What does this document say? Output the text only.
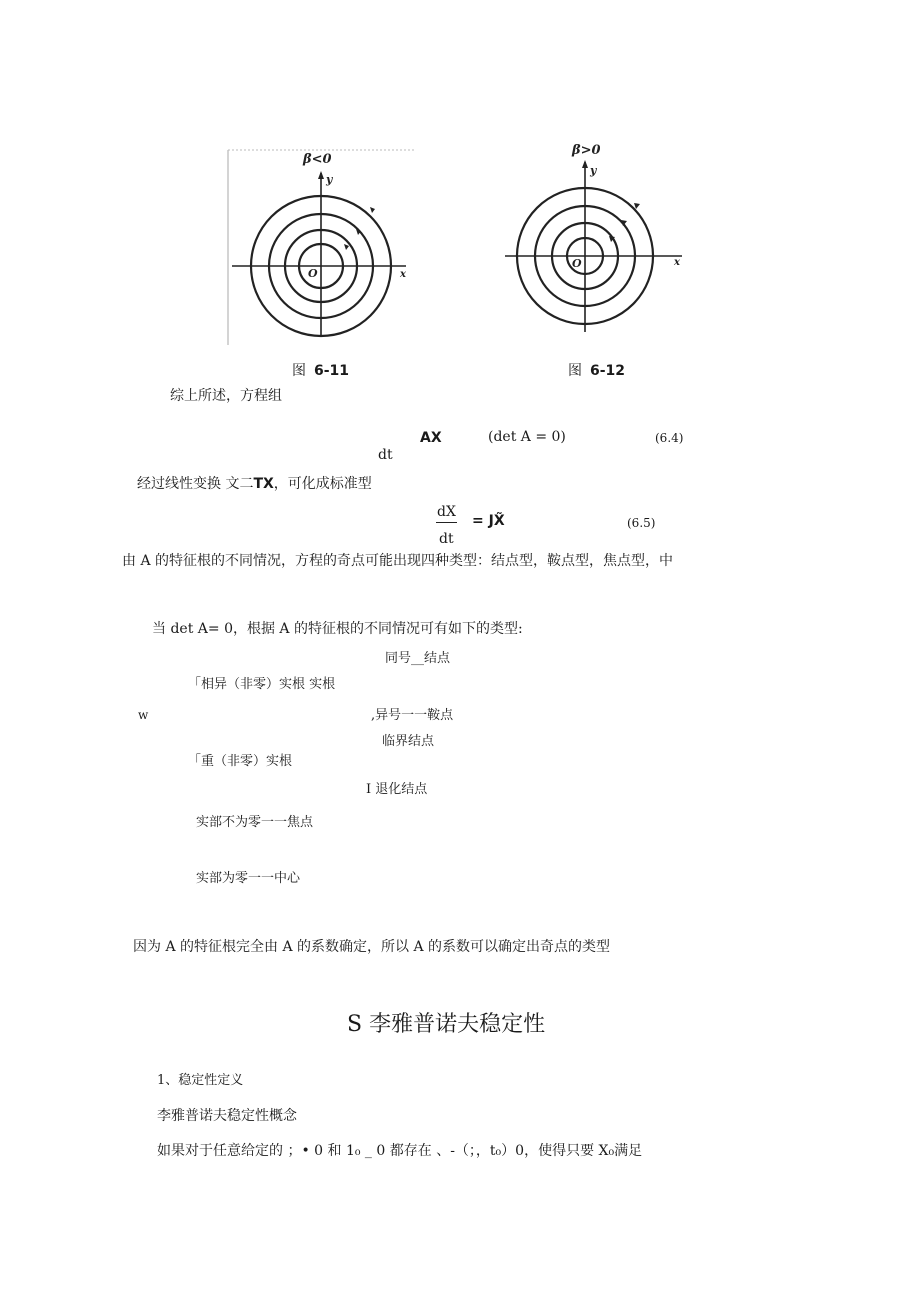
β<0
y
x
O
β>0
y
x
O
图 6-11	图 6-12
综上所述，方程组
AX	(det A = 0)	(6.4)
dt
经过线性变换 文二TX，可化成标准型
dX
= JX̃	(6.5)
dt
由 A 的特征根的不同情况，方程的奇点可能出现四种类型：结点型，鞍点型，焦点型，中
当 det A= 0，根据 A 的特征根的不同情况可有如下的类型:
同号__结点
「相异（非零）实根 实根
w	,异号一一鞍点
临界结点
「重（非零）实根
I 退化结点
实部不为零一一焦点
实部为零一一中心
因为 A 的特征根完全由 A 的系数确定，所以 A 的系数可以确定出奇点的类型
S 李雅普诺夫稳定性
1、稳定性定义
李雅普诺夫稳定性概念
如果对于任意给定的 ；• 0 和 1₀ _ 0 都存在 、-（；，t₀）0，使得只要 X₀满足
